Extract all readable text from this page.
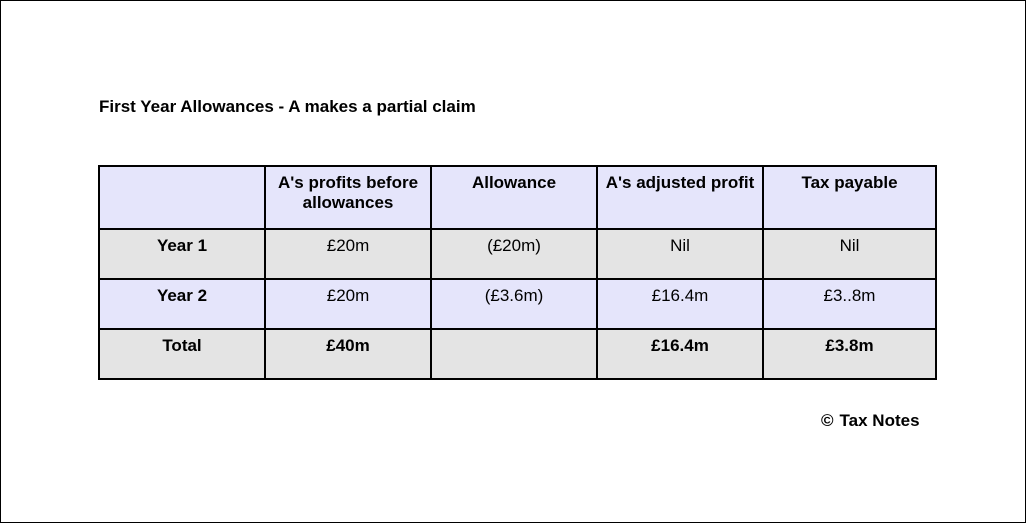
First Year Allowances - A makes a partial claim
	A's profits before allowances	Allowance	A's adjusted profit	Tax payable
Year 1	£20m	(£20m)	Nil	Nil
Year 2	£20m	(£3.6m)	£16.4m	£3..8m
Total	£40m		£16.4m	£3.8m
© Tax Notes
